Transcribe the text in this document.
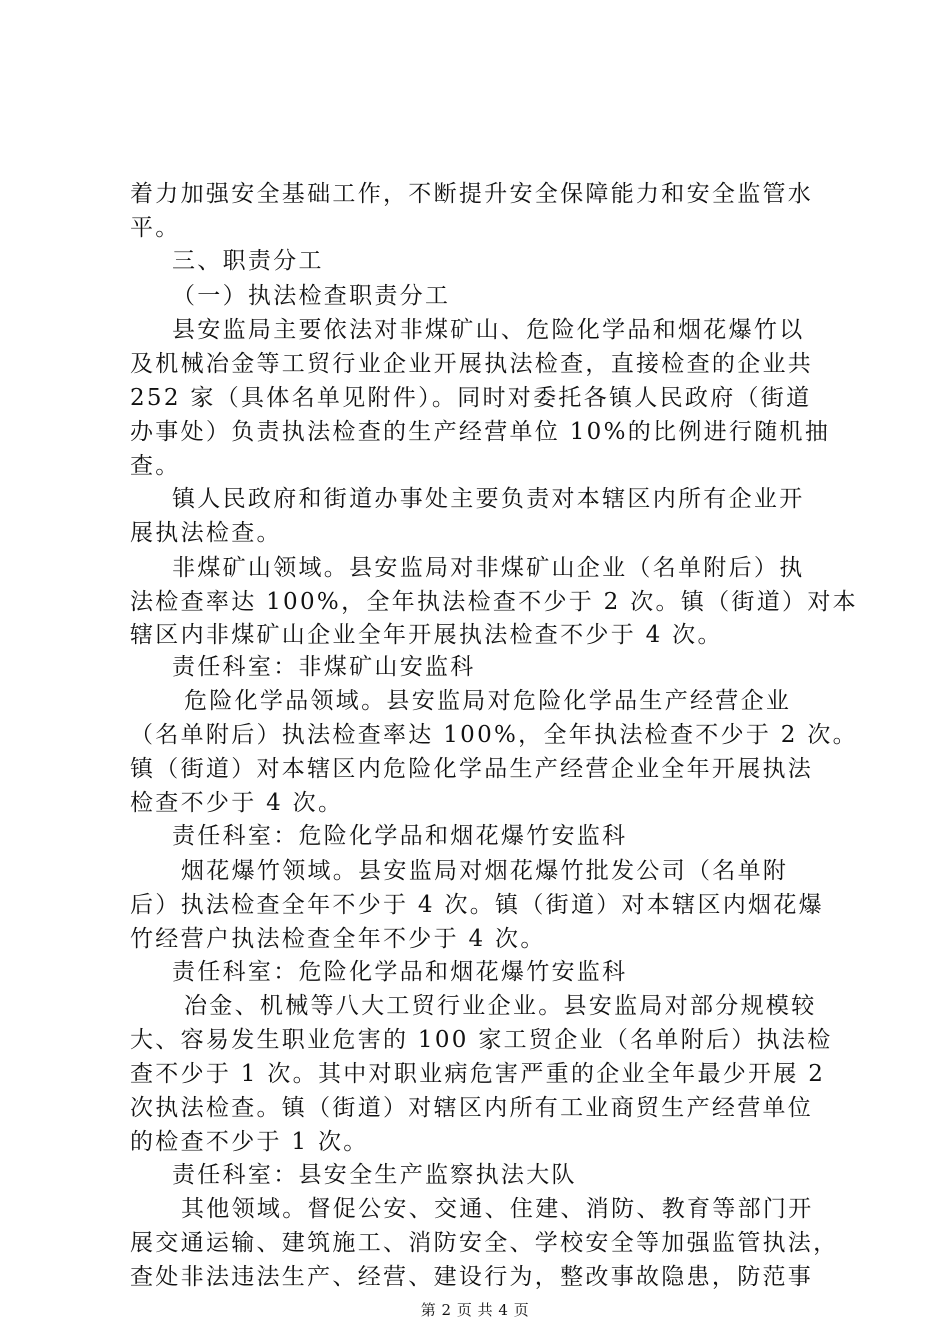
着力加强安全基础工作，不断提升安全保障能力和安全监管水
平。
三、职责分工
（一）执法检查职责分工
县安监局主要依法对非煤矿山、危险化学品和烟花爆竹以
及机械冶金等工贸行业企业开展执法检查，直接检查的企业共
252 家（具体名单见附件）。同时对委托各镇人民政府（街道
办事处）负责执法检查的生产经营单位 10%的比例进行随机抽
查。
镇人民政府和街道办事处主要负责对本辖区内所有企业开
展执法检查。
非煤矿山领域。县安监局对非煤矿山企业（名单附后）执
法检查率达 100%，全年执法检查不少于 2 次。镇（街道）对本
辖区内非煤矿山企业全年开展执法检查不少于 4 次。
责任科室：非煤矿山安监科
危险化学品领域。县安监局对危险化学品生产经营企业
（名单附后）执法检查率达 100%，全年执法检查不少于 2 次。
镇（街道）对本辖区内危险化学品生产经营企业全年开展执法
检查不少于 4 次。
责任科室：危险化学品和烟花爆竹安监科
烟花爆竹领域。县安监局对烟花爆竹批发公司（名单附
后）执法检查全年不少于 4 次。镇（街道）对本辖区内烟花爆
竹经营户执法检查全年不少于 4 次。
责任科室：危险化学品和烟花爆竹安监科
冶金、机械等八大工贸行业企业。县安监局对部分规模较
大、容易发生职业危害的 100 家工贸企业（名单附后）执法检
查不少于 1 次。其中对职业病危害严重的企业全年最少开展 2
次执法检查。镇（街道）对辖区内所有工业商贸生产经营单位
的检查不少于 1 次。
责任科室：县安全生产监察执法大队
其他领域。督促公安、交通、住建、消防、教育等部门开
展交通运输、建筑施工、消防安全、学校安全等加强监管执法，
查处非法违法生产、经营、建设行为，整改事故隐患，防范事
第 2 页 共 4 页
